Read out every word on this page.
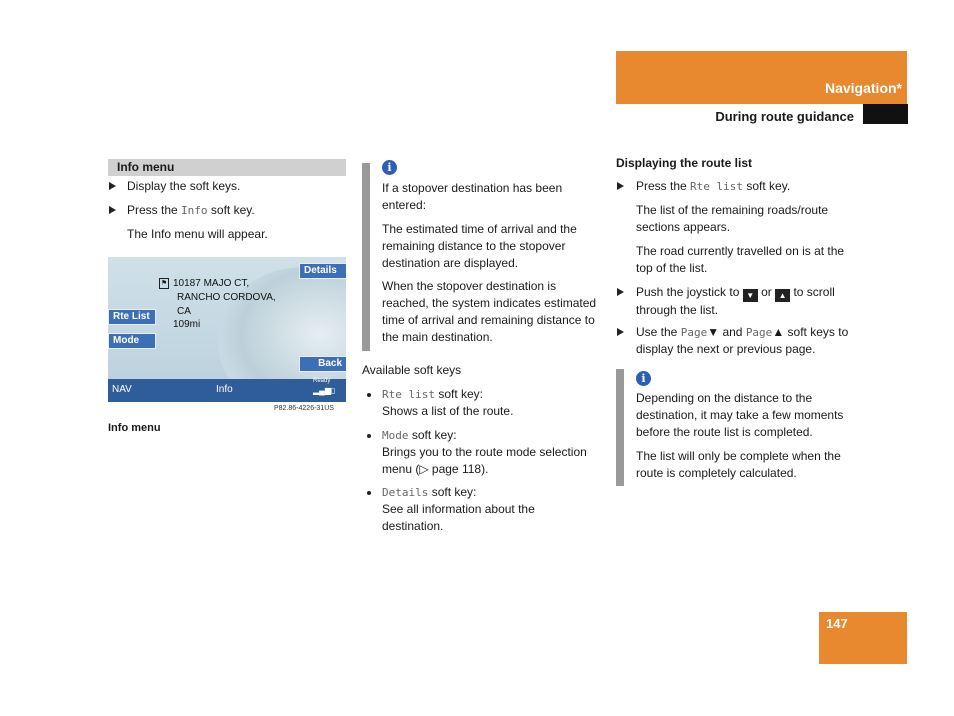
Navigation*
During route guidance
Info menu
Display the soft keys.
Press the Info soft key.
The Info menu will appear.
Details
Rte List
Mode
Back
⚑ 10187 MAJO CT,
RANCHO CORDOVA,
CA
109mi
NAV	Info
Ready
▂▄▆▯
P82.86-4226-31US
Info menu
i
If a stopover destination has been entered:
The estimated time of arrival and the remaining distance to the stopover destination are displayed.
When the stopover destination is reached, the system indicates estimated time of arrival and remaining distance to the main destination.
Available soft keys
Rte list soft key:
Shows a list of the route.
Mode soft key:
Brings you to the route mode selection menu (▷ page 118).
Details soft key:
See all information about the destination.
Displaying the route list
Press the Rte list soft key.
The list of the remaining roads/route sections appears.
The road currently travelled on is at the top of the list.
Push the joystick to ▼ or ▲ to scroll through the list.
Use the Page▼ and Page▲ soft keys to display the next or previous page.
i
Depending on the distance to the destination, it may take a few moments before the route list is completed.
The list will only be complete when the route is completely calculated.
147
